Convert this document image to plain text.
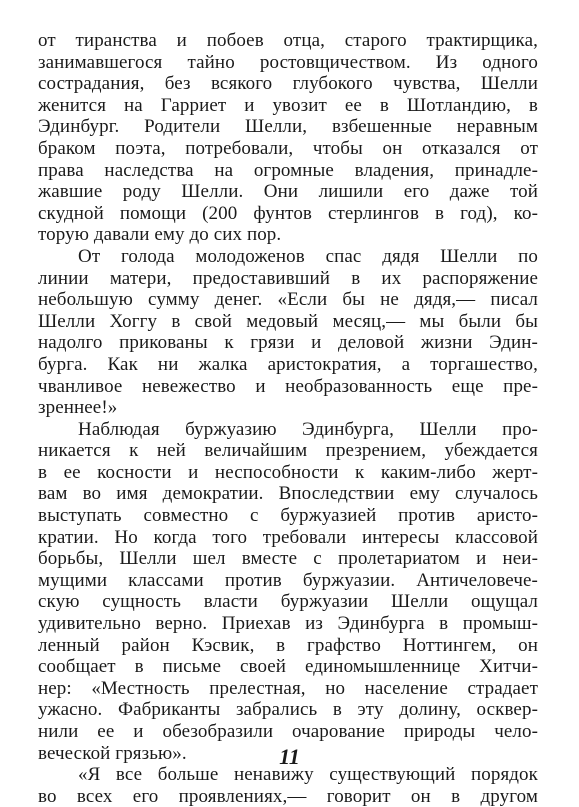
от тиранства и побоев отца, старого трактирщика,
занимавшегося тайно ростовщичеством. Из одного
сострадания, без всякого глубокого чувства, Шелли
женится на Гарриет и увозит ее в Шотландию, в
Эдинбург. Родители Шелли, взбешенные неравным
браком поэта, потребовали, чтобы он отказался от
права наследства на огромные владения, принадле-
жавшие роду Шелли. Они лишили его даже той
скудной помощи (200 фунтов стерлингов в год), ко-
торую давали ему до сих пор.
От голода молодоженов спас дядя Шелли по
линии матери, предоставивший в их распоряжение
небольшую сумму денег. «Если бы не дядя,— писал
Шелли Хоггу в свой медовый месяц,— мы были бы
надолго прикованы к грязи и деловой жизни Эдин-
бурга. Как ни жалка аристократия, а торгашество,
чванливое невежество и необразованность еще пре-
зреннее!»
Наблюдая буржуазию Эдинбурга, Шелли про-
никается к ней величайшим презрением, убеждается
в ее косности и неспособности к каким-либо жерт-
вам во имя демократии. Впоследствии ему случалось
выступать совместно с буржуазией против аристо-
кратии. Но когда того требовали интересы классовой
борьбы, Шелли шел вместе с пролетариатом и неи-
мущими классами против буржуазии. Античеловече-
скую сущность власти буржуазии Шелли ощущал
удивительно верно. Приехав из Эдинбурга в промыш-
ленный район Кэсвик, в графство Ноттингем, он
сообщает в письме своей единомышленнице Хитчи-
нер: «Местность прелестная, но население страдает
ужасно. Фабриканты забрались в эту долину, осквер-
нили ее и обезобразили очарование природы чело-
веческой грязью».
«Я все больше ненавижу существующий порядок
во всех его проявлениях,— говорит он в другом
11
